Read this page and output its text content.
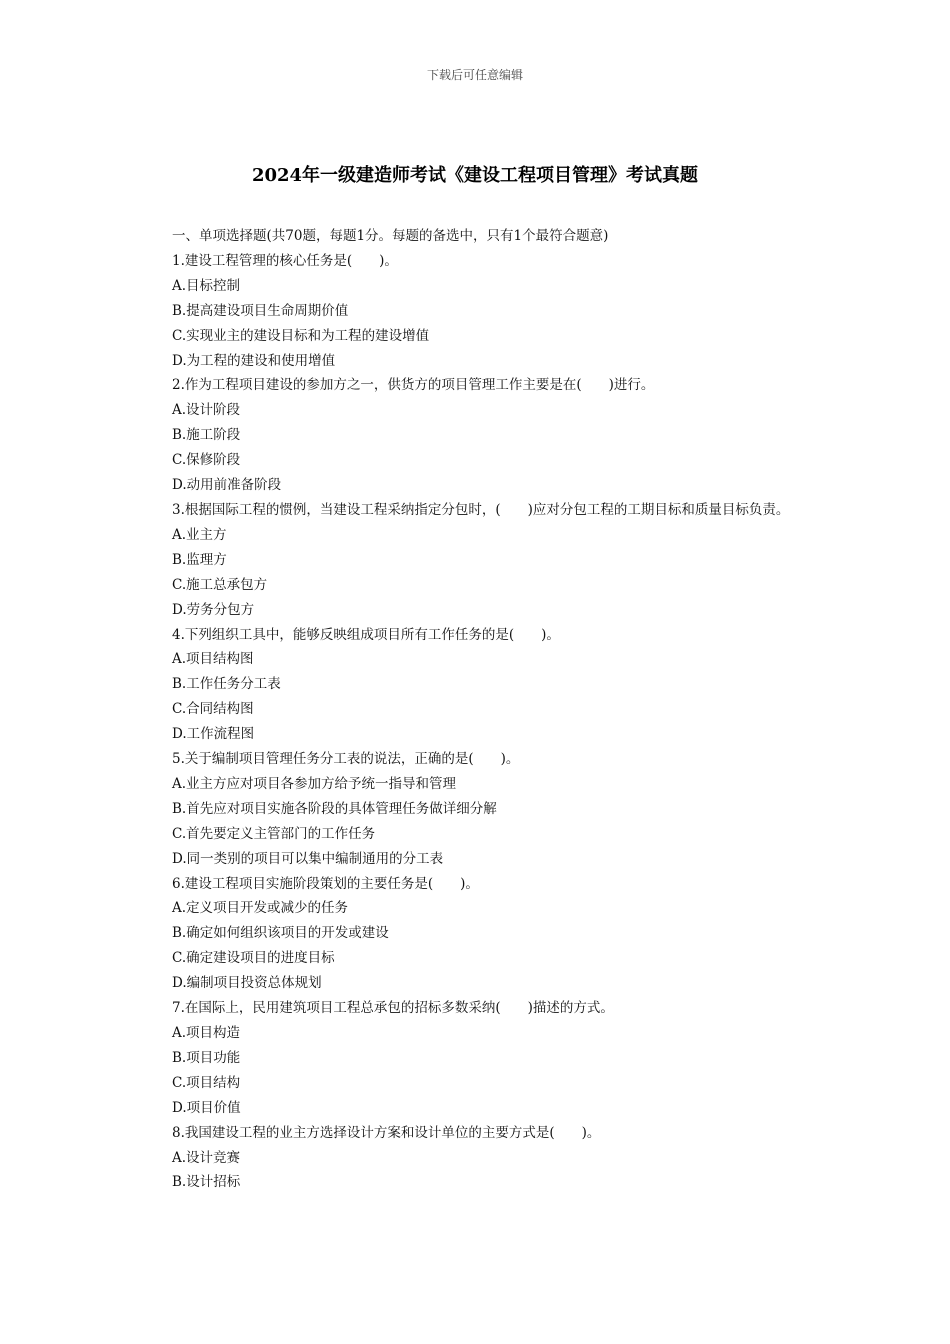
下载后可任意编辑
2024年一级建造师考试《建设工程项目管理》考试真题
一、单项选择题(共70题，每题1分。每题的备选中，只有1个最符合题意)
1.建设工程管理的核心任务是(　　)。
A.目标控制
B.提高建设项目生命周期价值
C.实现业主的建设目标和为工程的建设增值
D.为工程的建设和使用增值
2.作为工程项目建设的参加方之一，供货方的项目管理工作主要是在(　　)进行。
A.设计阶段
B.施工阶段
C.保修阶段
D.动用前准备阶段
3.根据国际工程的惯例，当建设工程采纳指定分包时，(　　)应对分包工程的工期目标和质量目标负责。
A.业主方
B.监理方
C.施工总承包方
D.劳务分包方
4.下列组织工具中，能够反映组成项目所有工作任务的是(　　)。
A.项目结构图
B.工作任务分工表
C.合同结构图
D.工作流程图
5.关于编制项目管理任务分工表的说法，正确的是(　　)。
A.业主方应对项目各参加方给予统一指导和管理
B.首先应对项目实施各阶段的具体管理任务做详细分解
C.首先要定义主管部门的工作任务
D.同一类别的项目可以集中编制通用的分工表
6.建设工程项目实施阶段策划的主要任务是(　　)。
A.定义项目开发或减少的任务
B.确定如何组织该项目的开发或建设
C.确定建设项目的进度目标
D.编制项目投资总体规划
7.在国际上，民用建筑项目工程总承包的招标多数采纳(　　)描述的方式。
A.项目构造
B.项目功能
C.项目结构
D.项目价值
8.我国建设工程的业主方选择设计方案和设计单位的主要方式是(　　)。
A.设计竞赛
B.设计招标
